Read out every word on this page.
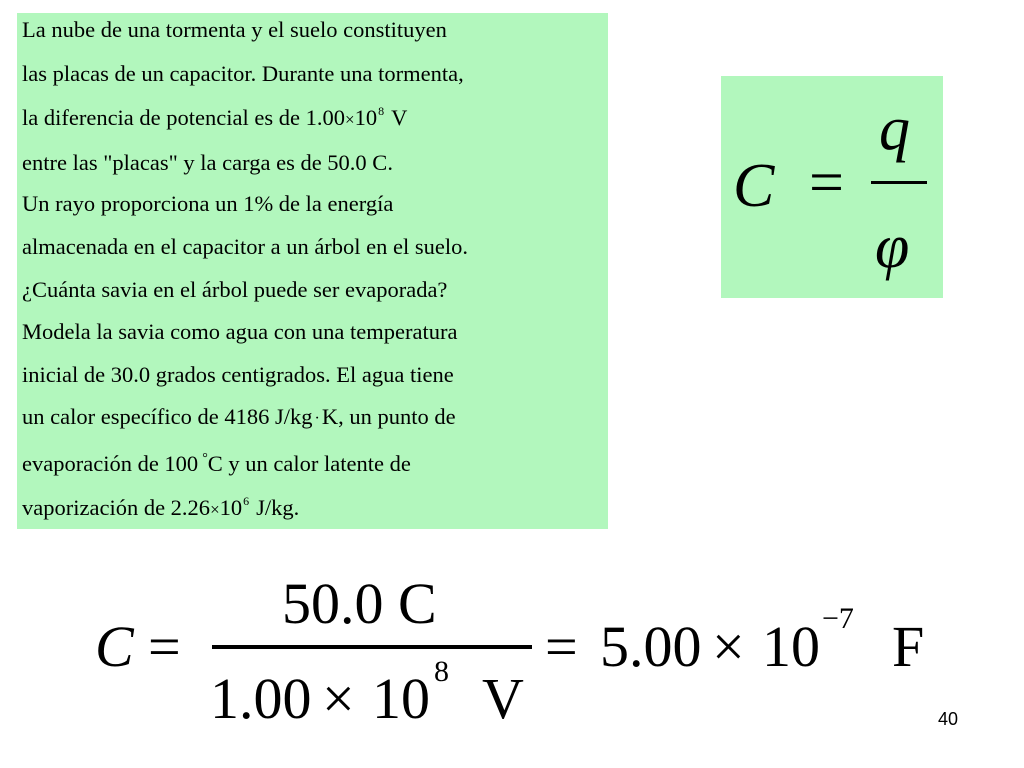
La nube de una tormenta y el suelo constituyen
las placas de un capacitor. Durante una tormenta,
la diferencia de potencial es de $1.00\times 10^8$ V
entre las "placas" y la carga es de 50.0 C.
Un rayo proporciona un 1% de la energía
almacenada en el capacitor a un árbol en el suelo.
¿Cuánta savia en el árbol puede ser evaporada?
Modela la savia como agua con una temperatura
inicial de 30.0 grados centigrados. El agua tiene
un calor específico de 4186 J/kg ·K, un punto de
evaporación de 100 °C y un calor latente de
vaporización de $2.26\times 10^6$ J/kg.
C =
q
φ
C =
50.0 C
1.00 × 10 8 V
= 5.00 × 10 −7 F
40
